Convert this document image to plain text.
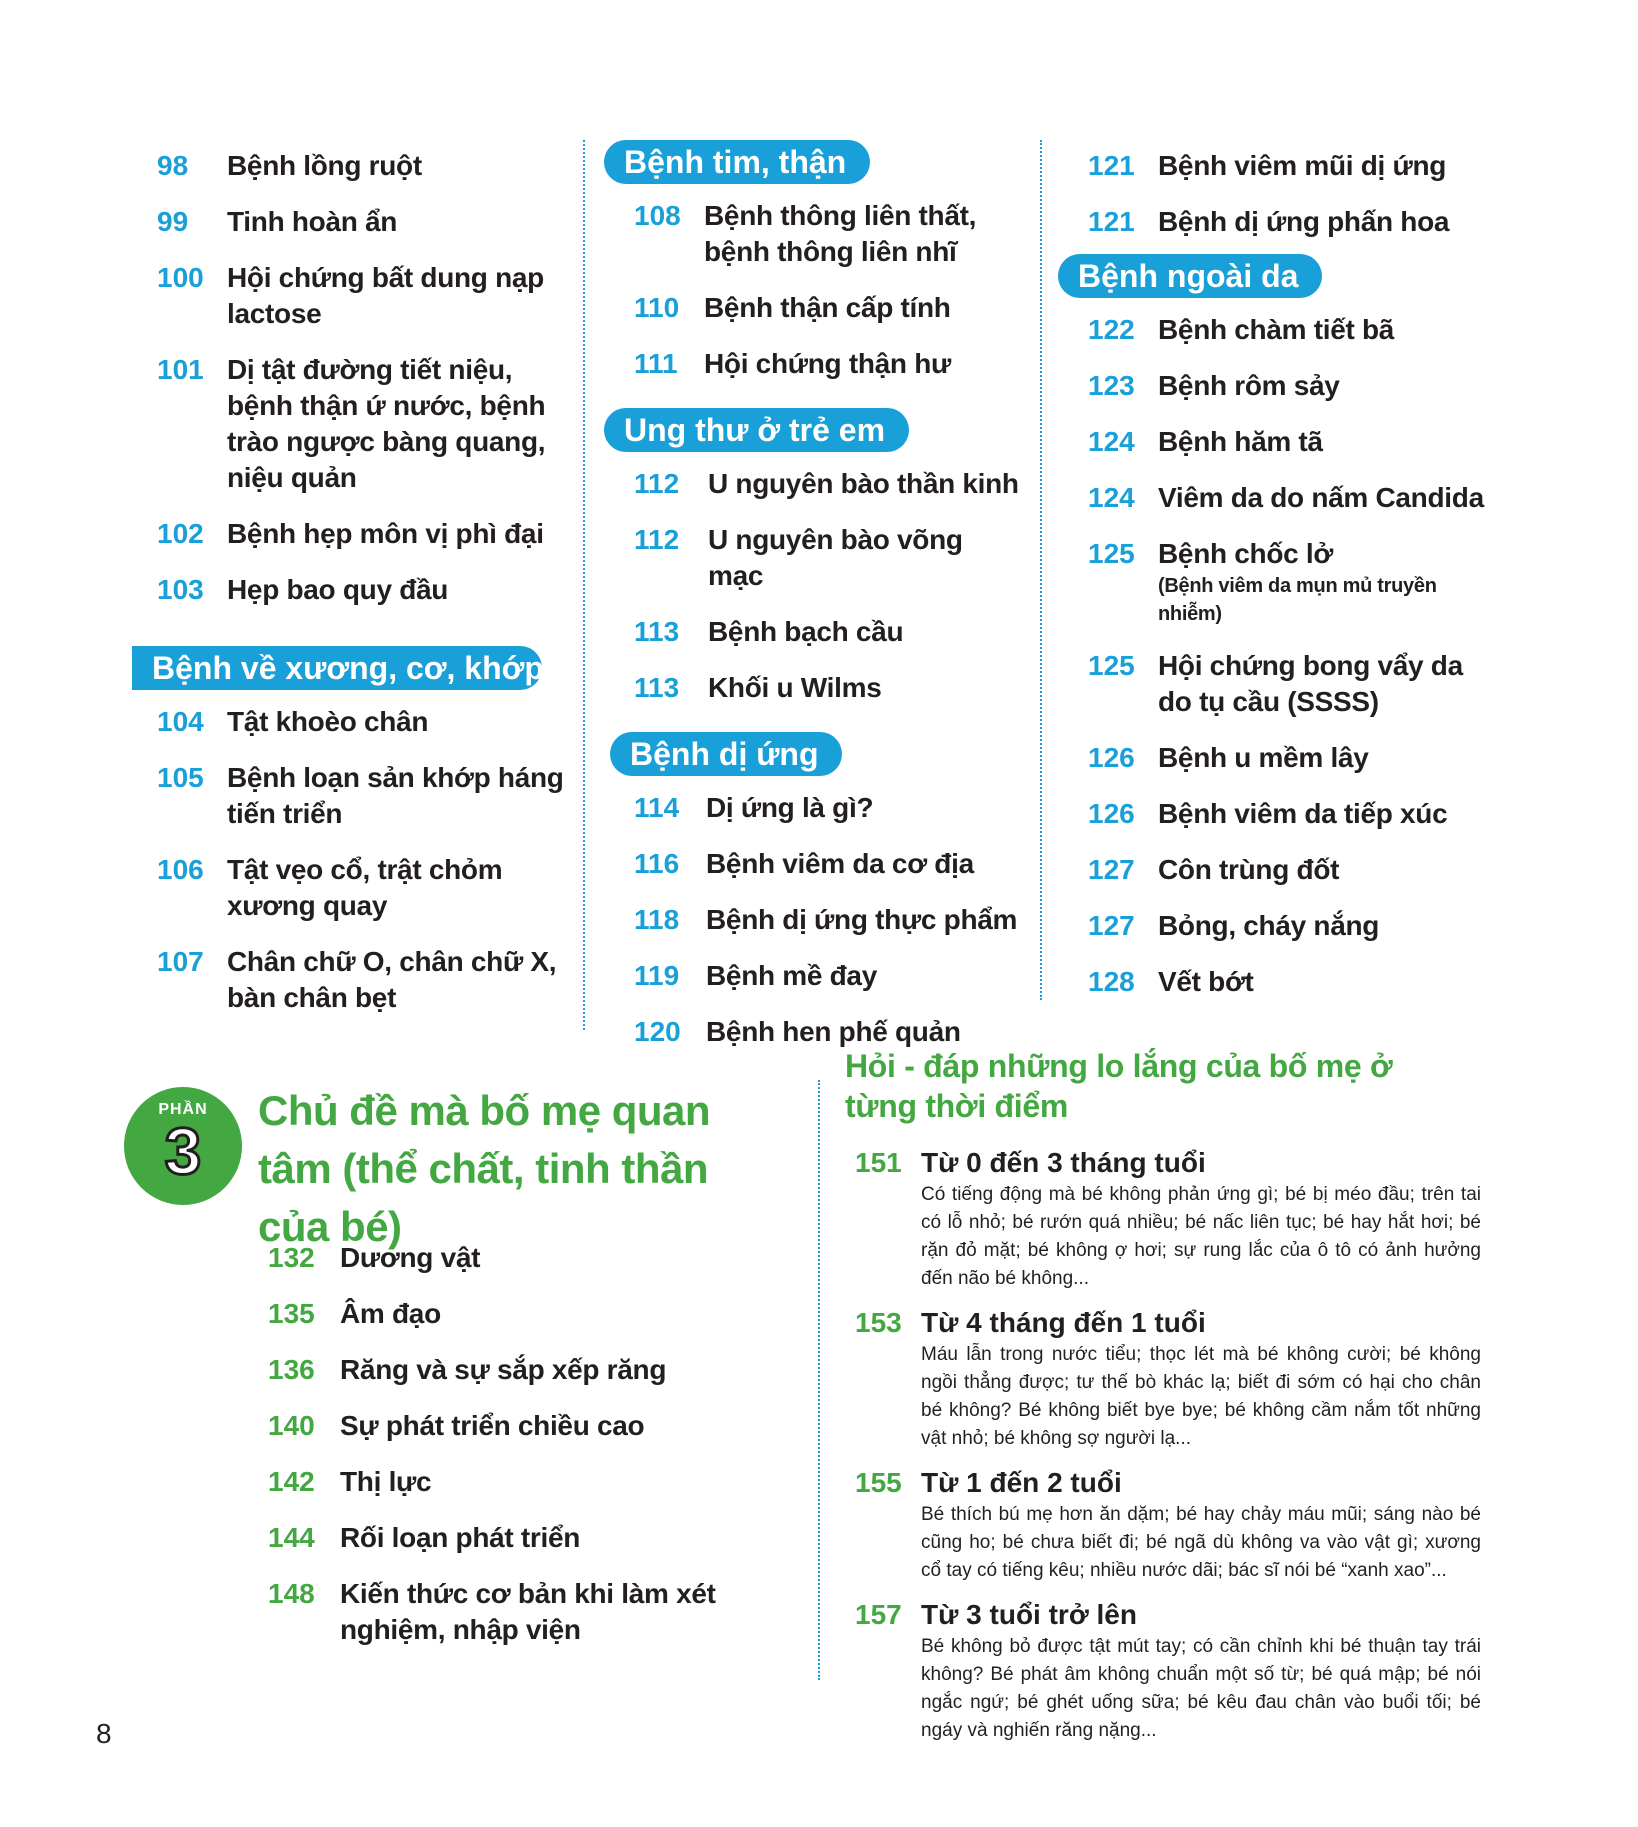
98	Bệnh lồng ruột
99	Tinh hoàn ẩn
100 Hội chứng bất dung nạp lactose
101 Dị tật đường tiết niệu, bệnh thận ứ nước, bệnh trào ngược bàng quang, niệu quản
102 Bệnh hẹp môn vị phì đại
103 Hẹp bao quy đầu
Bệnh về xương, cơ, khớp
104 Tật khoèo chân
105 Bệnh loạn sản khớp háng tiến triển
106 Tật vẹo cổ, trật chỏm xương quay
107 Chân chữ O, chân chữ X, bàn chân bẹt
Bệnh tim, thận
108 Bệnh thông liên thất, bệnh thông liên nhĩ
110 Bệnh thận cấp tính
111 Hội chứng thận hư
Ung thư ở trẻ em
112	U nguyên bào thần kinh
112	U nguyên bào võng mạc
113	Bệnh bạch cầu
113	Khối u Wilms
Bệnh dị ứng
114 Dị ứng là gì?
116 Bệnh viêm da cơ địa
118 Bệnh dị ứng thực phẩm
119 Bệnh mề đay
120 Bệnh hen phế quản
121 Bệnh viêm mũi dị ứng
121 Bệnh dị ứng phấn hoa
Bệnh ngoài da
122 Bệnh chàm tiết bã
123 Bệnh rôm sảy
124 Bệnh hăm tã
124 Viêm da do nấm Candida
125 Bệnh chốc lở
(Bệnh viêm da mụn mủ truyền nhiễm)
125 Hội chứng bong vẩy da do tụ cầu (SSSS)
126 Bệnh u mềm lây
126 Bệnh viêm da tiếp xúc
127 Côn trùng đốt
127 Bỏng, cháy nắng
128 Vết bớt
PHẦN
3
Chủ đề mà bố mẹ quan tâm (thể chất, tinh thần của bé)
132 Dương vật
135 Âm đạo
136 Răng và sự sắp xếp răng
140 Sự phát triển chiều cao
142 Thị lực
144 Rối loạn phát triển
148 Kiến thức cơ bản khi làm xét nghiệm, nhập viện
Hỏi - đáp những lo lắng của bố mẹ ở từng thời điểm
151 Từ 0 đến 3 tháng tuổi
Có tiếng động mà bé không phản ứng gì; bé bị méo đầu; trên tai có lỗ nhỏ; bé rướn quá nhiều; bé nấc liên tục; bé hay hắt hơi; bé rặn đỏ mặt; bé không ợ hơi; sự rung lắc của ô tô có ảnh hưởng đến não bé không...
153 Từ 4 tháng đến 1 tuổi
Máu lẫn trong nước tiểu; thọc lét mà bé không cười; bé không ngồi thẳng được; tư thế bò khác lạ; biết đi sớm có hại cho chân bé không? Bé không biết bye bye; bé không cầm nắm tốt những vật nhỏ; bé không sợ người lạ...
155 Từ 1 đến 2 tuổi
Bé thích bú mẹ hơn ăn dặm; bé hay chảy máu mũi; sáng nào bé cũng ho; bé chưa biết đi; bé ngã dù không va vào vật gì; xương cổ tay có tiếng kêu; nhiều nước dãi; bác sĩ nói bé “xanh xao”...
157 Từ 3 tuổi trở lên
Bé không bỏ được tật mút tay; có cần chỉnh khi bé thuận tay trái không? Bé phát âm không chuẩn một số từ; bé quá mập; bé nói ngắc ngứ; bé ghét uống sữa; bé kêu đau chân vào buổi tối; bé ngáy và nghiến răng nặng...
8
